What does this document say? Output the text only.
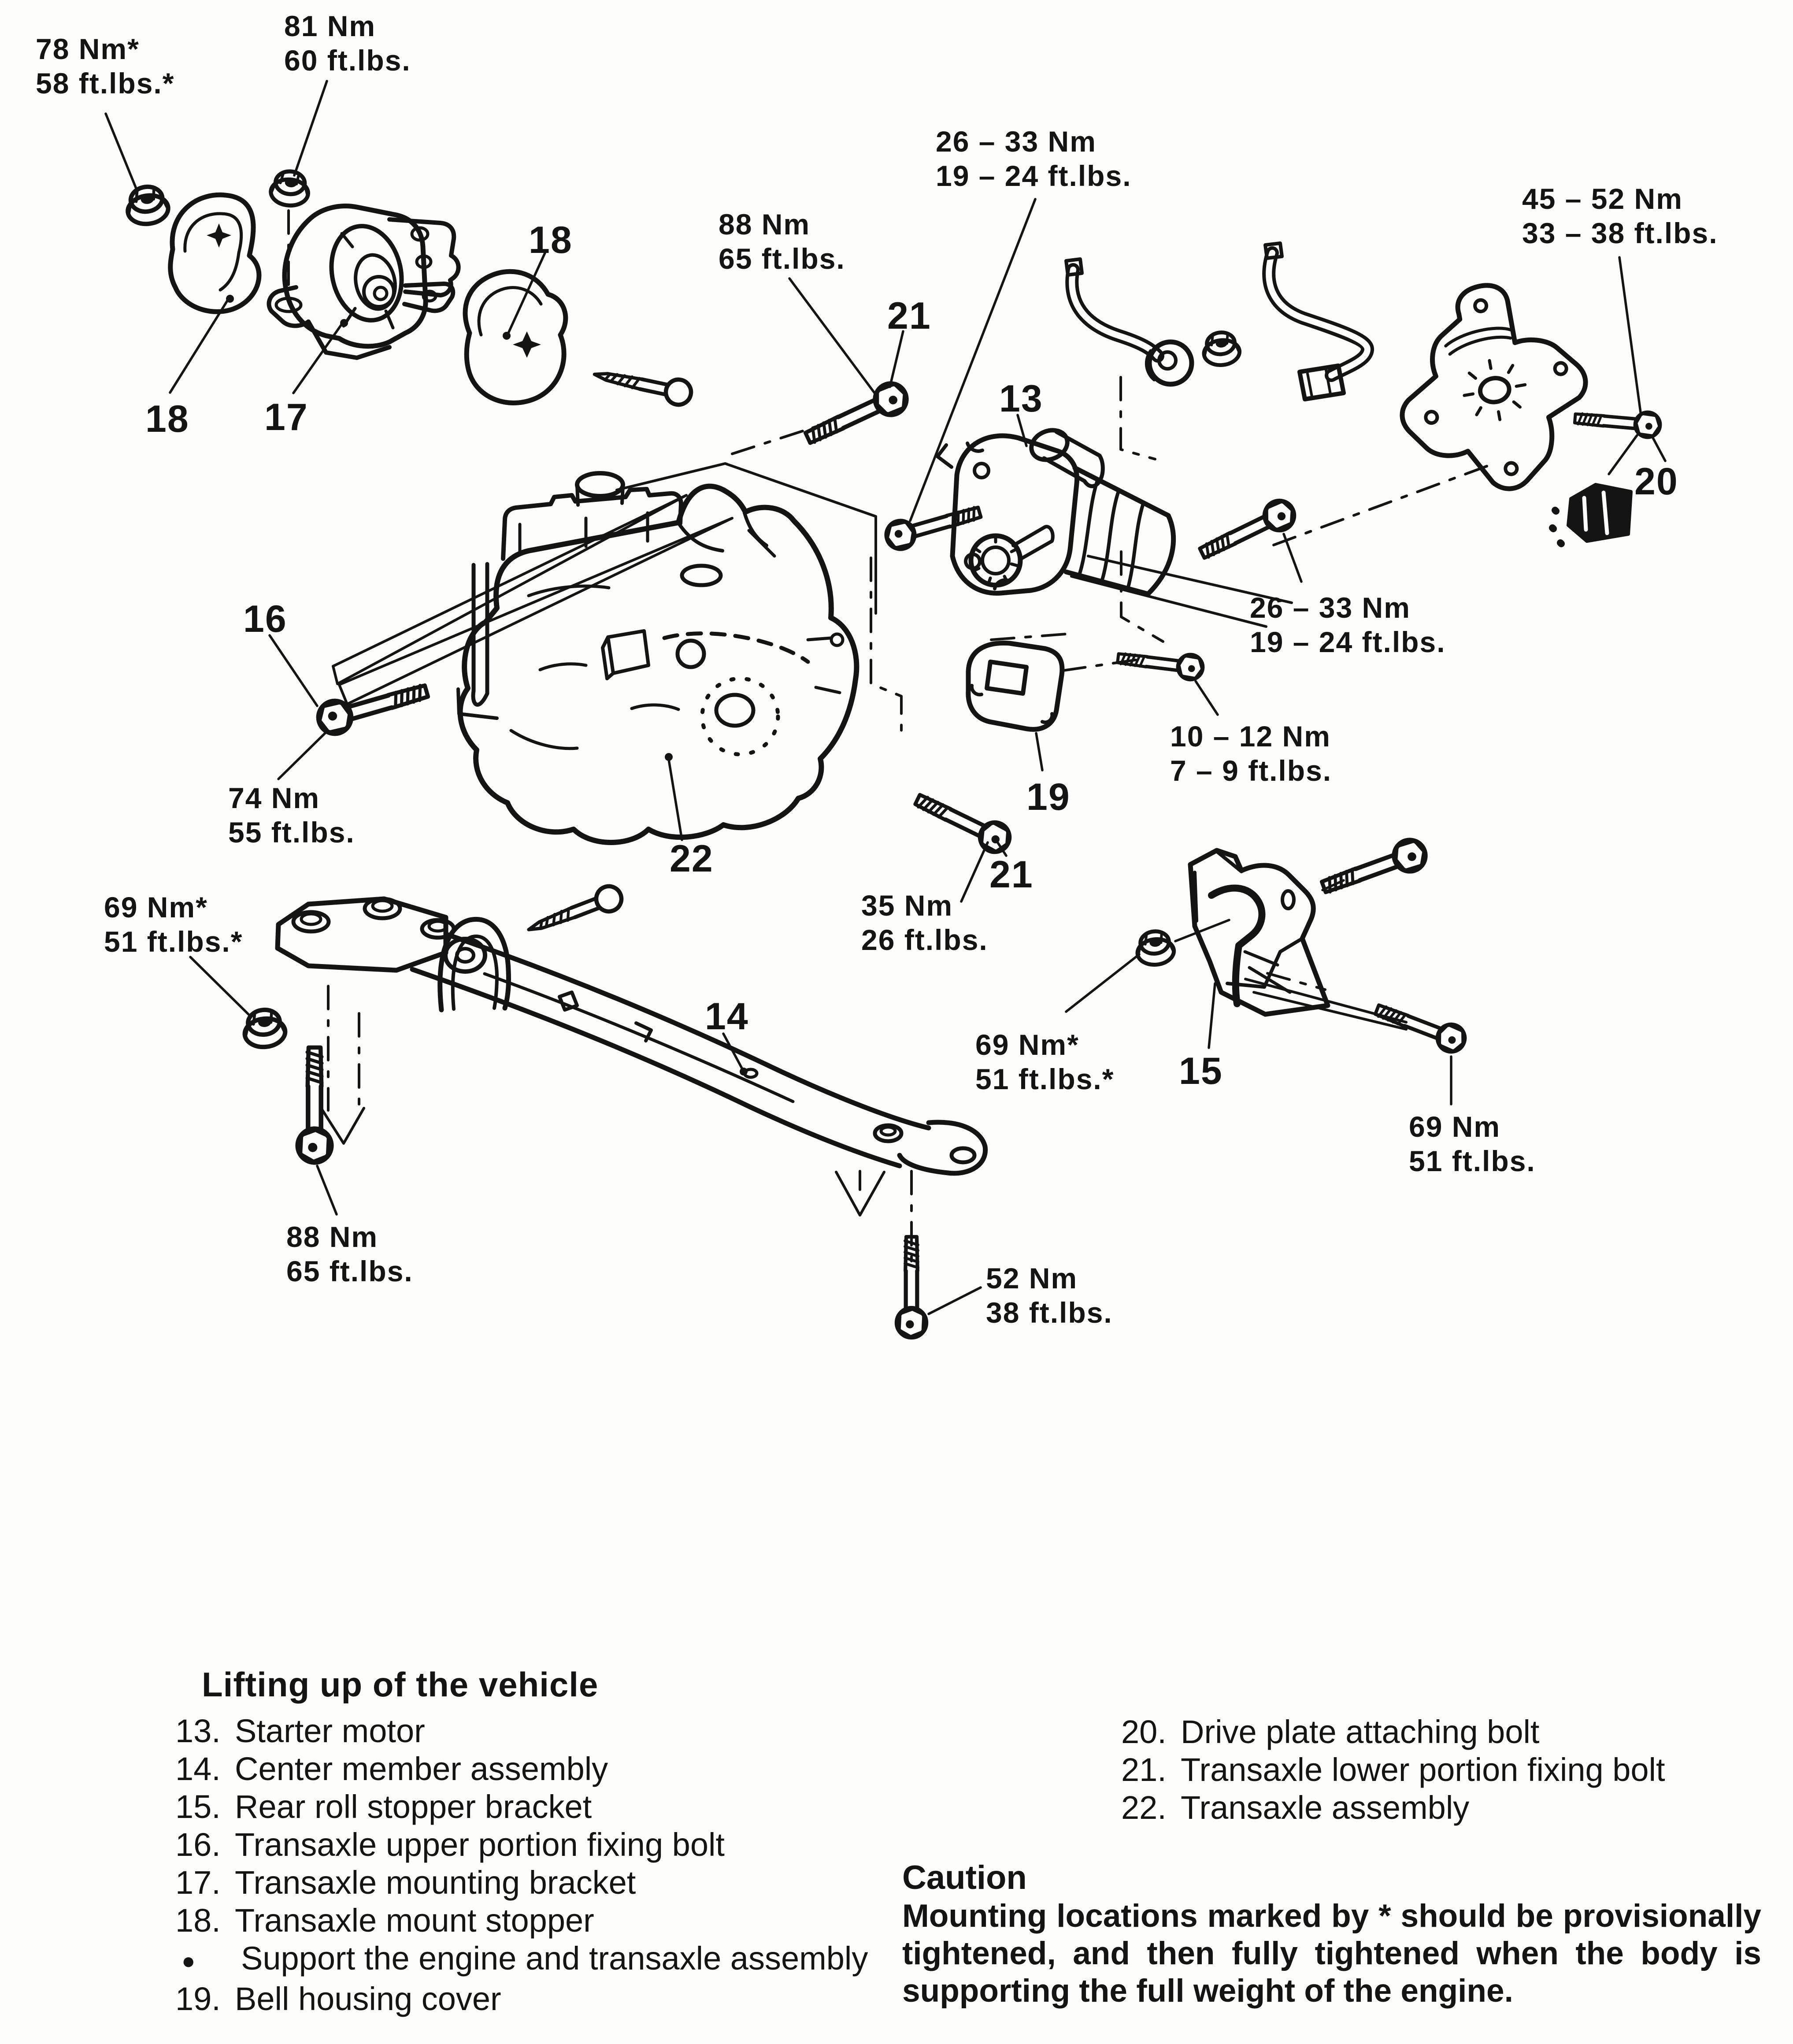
78 Nm*
58 ft.lbs.*
81 Nm
60 ft.lbs.
26 – 33 Nm
19 – 24 ft.lbs.
88 Nm
65 ft.lbs.
45 – 52 Nm
33 – 38 ft.lbs.
26 – 33 Nm
19 – 24 ft.lbs.
10 – 12 Nm
7 – 9 ft.lbs.
74 Nm
55 ft.lbs.
35 Nm
26 ft.lbs.
69 Nm*
51 ft.lbs.*
69 Nm*
51 ft.lbs.*
69 Nm
51 ft.lbs.
88 Nm
65 ft.lbs.	52 Nm
38 ft.lbs.
18 17
18
21
13
20
16
22
19
21
14
15
Lifting up of the vehicle
13. Starter motor
14. Center member assembly
15. Rear roll stopper bracket
16. Transaxle upper portion fixing bolt
17. Transaxle mounting bracket
18. Transaxle mount stopper
●	Support the engine and transaxle assembly
19. Bell housing cover
20. Drive plate attaching bolt
21. Transaxle lower portion fixing bolt
22. Transaxle assembly
Caution
Mounting locations marked by * should be provisionally tightened, and then fully tightened when the body is supporting the full weight of the engine.
